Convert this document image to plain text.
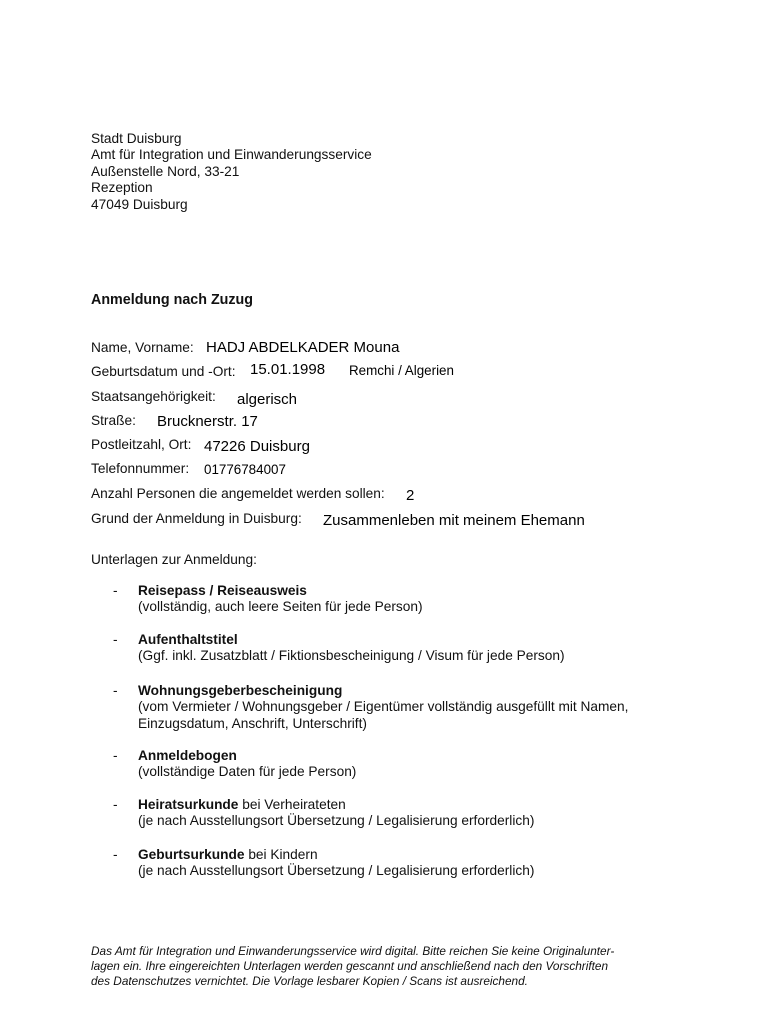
Stadt Duisburg
Amt für Integration und Einwanderungsservice
Außenstelle Nord, 33-21
Rezeption
47049 Duisburg
Anmeldung nach Zuzug
Name, Vorname:
Geburtsdatum und -Ort:
Staatsangehörigkeit:
Straße:
Postleitzahl, Ort:
Telefonnummer:
Anzahl Personen die angemeldet werden sollen:
Grund der Anmeldung in Duisburg:
HADJ ABDELKADER Mouna
15.01.1998 Remchi / Algerien
algerisch
Brucknerstr. 17
47226 Duisburg
01776784007
2
Zusammenleben mit meinem Ehemann
Unterlagen zur Anmeldung:
- Reisepass / Reiseausweis
(vollständig, auch leere Seiten für jede Person)
- Aufenthaltstitel
(Ggf. inkl. Zusatzblatt / Fiktionsbescheinigung / Visum für jede Person)
- Wohnungsgeberbescheinigung
(vom Vermieter / Wohnungsgeber / Eigentümer vollständig ausgefüllt mit Namen,
Einzugsdatum, Anschrift, Unterschrift)
- Anmeldebogen
(vollständige Daten für jede Person)
- Heiratsurkunde bei Verheirateten
(je nach Ausstellungsort Übersetzung / Legalisierung erforderlich)
- Geburtsurkunde bei Kindern
(je nach Ausstellungsort Übersetzung / Legalisierung erforderlich)
Das Amt für Integration und Einwanderungsservice wird digital. Bitte reichen Sie keine Originalunter-
lagen ein. Ihre eingereichten Unterlagen werden gescannt und anschließend nach den Vorschriften
des Datenschutzes vernichtet. Die Vorlage lesbarer Kopien / Scans ist ausreichend.
